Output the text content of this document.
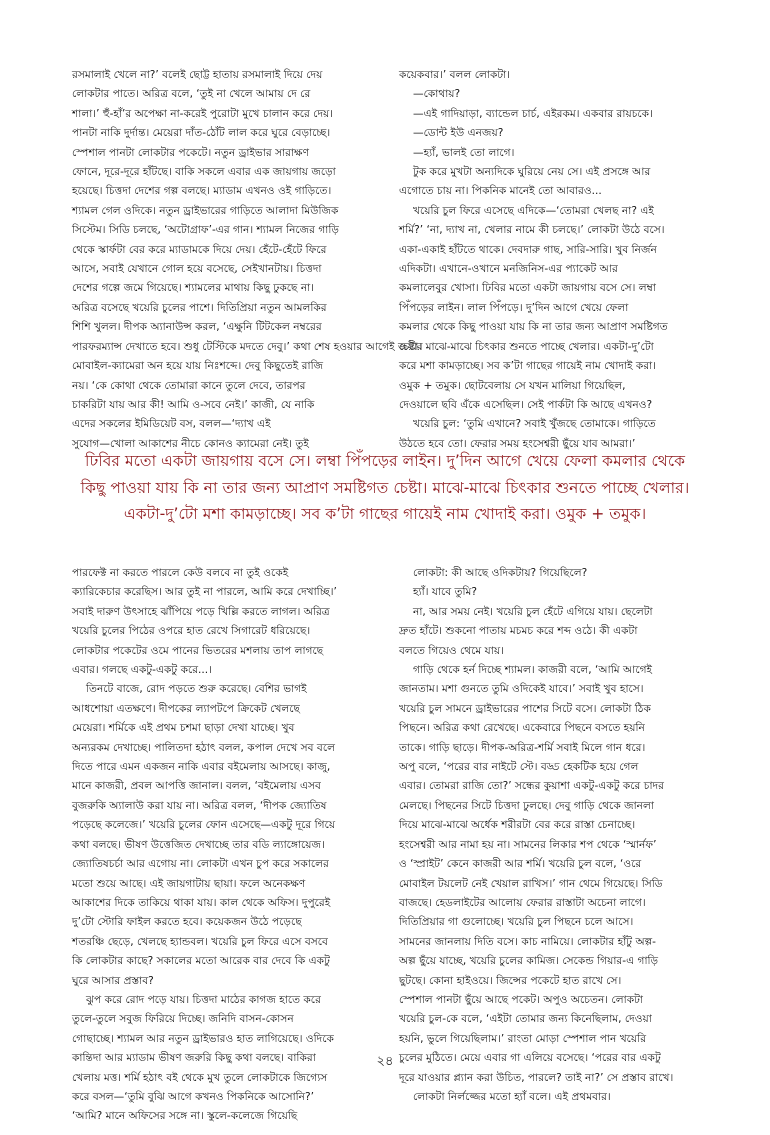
রসমালাই খেলে না?’ বলেই ছোট্ট হাতায় রসমালাই দিয়ে দেয়

লোকটার পাতে। অরিত্র বলে, ‘তুই না খেলে আমায় দে রে

শালা।’ হুঁ-হাঁ’র অপেক্ষা না-করেই পুরোটা মুখে চালান করে দেয়।

পানটা নাকি দুর্দান্ত। মেয়েরা দাঁত-ঠোঁট লাল করে ঘুরে বেড়াচ্ছে।

স্পেশাল পানটা লোকটার পকেটে। নতুন ড্রাইভার সারাক্ষণ

ফোনে, দূরে-দূরে হাঁটছে। বাকি সকলে এবার এক জায়গায় জড়ো

হয়েছে। চিত্তদা দেশের গল্প বলছে। ম্যাডাম এখনও ওই গাড়িতে।

শ্যামল গেল ওদিকে। নতুন ড্রাইভারের গাড়িতে আলাদা মিউজিক

সিস্টেম। সিডি চলছে, ‘অটোগ্রাফ’-এর গান। শ্যামল নিজের গাড়ি

থেকে স্কার্ফটা বের করে ম্যাডামকে দিয়ে দেয়। হেঁটে-হেঁটে ফিরে

আসে, সবাই যেখানে গোল হয়ে বসেছে, সেইখানটায়। চিত্তদা

দেশের গল্পে জমে গিয়েছে। শ্যামলের মাথায় কিছু ঢুকছে না।

অরিত্র বসেছে খয়েরি চুলের পাশে। দিতিপ্রিয়া নতুন আমলকির

শিশি খুলল। দীপক অ্যানাউন্স করল, ‘এক্ষুনি টিটকেল নম্বরের

পারফরম্যান্স দেখাতে হবে। শুধু টেস্টিকে মদতে দেবু।’ কথা শেষ হওয়ার আগেই জয়ীর

মোবাইল-ক্যামেরা অন হয়ে যায় নিঃশব্দে। দেবু কিছুতেই রাজি

নয়। ‘কে কোথা থেকে তোমারা কানে তুলে দেবে, তারপর

চাকরিটা যায় আর কী! আমি ও-সবে নেই।’ কাজী, যে নাকি

এদের সকলের ইমিডিয়েট বস, বলল—‘দ্যাখ এই

সুযোগ—খোলা আকাশের নীচে কোনও ক্যামেরা নেই। তুই

কয়েকবার।’ বলল লোকটা।

—কোথায়?

—এই গাদিয়াড়া, ব্যান্ডেল চার্চ, এইরকম। একবার রায়চকে।

—ডোন্ট ইউ এনজয়?

—হ্যাঁ, ভালই তো লাগে।

টুক করে মুখটা অন্যদিকে ঘুরিয়ে নেয় সে। এই প্রসঙ্গে আর

এগোতে চায় না। পিকনিক মানেই তো আবারও...

খয়েরি চুল ফিরে এসেছে এদিকে—‘তোমরা খেলছ না? এই

শর্মি?’ ‘না, দ্যাখ না, খেলার নামে কী চলছে।’ লোকটা উঠে বসে।

একা-একাই হাঁটতে থাকে। দেবদারু গাছ, সারি-সারি। খুব নির্জন

এদিকটা। এখানে-ওখানে মনজিনিস-এর প্যাকেট আর

কমলালেবুর খোসা। ঢিবির মতো একটা জায়গায় বসে সে। লম্বা

পিঁপড়ের লাইন। লাল পিঁপড়ে। দু’দিন আগে খেয়ে ফেলা

কমলার থেকে কিছু পাওয়া যায় কি না তার জন্য আপ্রাণ সমষ্টিগত

চেষ্টা। মাঝে-মাঝে চিৎকার শুনতে পাচ্ছে খেলার। একটা-দু’টো

করে মশা কামড়াচ্ছে। সব ক’টা গাছের গায়েই নাম খোদাই করা।

ওমুক + তমুক। ছোটবেলায় সে যখন মালিয়া গিয়েছিল,

দেওয়ালে ছবি এঁকে এসেছিল। সেই পার্কটা কি আছে এখনও?

খয়েরি চুল: ‘তুমি এখানে? সবাই খুঁজছে তোমাকে। গাড়িতে

উঠতে হবে তো। ফেরার সময় হংসেশ্বরী ছুঁয়ে যাব আমরা।’

ঢিবির মতো একটা জায়গায় বসে সে। লম্বা পিঁপড়ের লাইন। দু’দিন আগে খেয়ে ফেলা কমলার থেকে

কিছু পাওয়া যায় কি না তার জন্য আপ্রাণ সমষ্টিগত চেষ্টা। মাঝে-মাঝে চিৎকার শুনতে পাচ্ছে খেলার।

একটা-দু’টো মশা কামড়াচ্ছে। সব ক’টা গাছের গায়েই নাম খোদাই করা। ওমুক + তমুক।

পারফেক্ট না করতে পারলে কেউ বলবে না তুই ওকেই

ক্যারিকেচার করেছিস। আর তুই না পারলে, আমি করে দেখাচ্ছি।’

সবাই দারুণ উৎসাহে ঝাঁপিয়ে পড়ে খিল্লি করতে লাগল। অরিত্র

খয়েরি চুলের পিঠের ওপরে হাত রেখে সিগারেট ধরিয়েছে।

লোকটার পকেটের ওমে পানের ভিতরের মশলায় তাপ লাগছে

এবার। গলছে একটু-একটু করে...।

তিনটে বাজে, রোদ পড়তে শুরু করেছে। বেশির ভাগই

আধশোয়া এতক্ষণে। দীপকের ল্যাপটপে ক্রিকেট খেলছে

মেয়েরা। শর্মিকে এই প্রথম চশমা ছাড়া দেখা যাচ্ছে। খুব

অন্যরকম দেখাচ্ছে। পালিতদা হঠাৎ বলল, কপাল দেখে সব বলে

দিতে পারে এমন একজন নাকি এবার বইমেলায় আসছে। কাজু,

মানে কাজরী, প্রবল আপত্তি জানাল। বলল, ‘বইমেলায় এসব

বুজরুকি অ্যালাউ করা যায় না। অরিত্র বলল, ‘দীপক জ্যোতিষ

পড়েছে কলেজে।’ খয়েরি চুলের ফোন এসেছে—একটু দূরে গিয়ে

কথা বলছে। ভীষণ উত্তেজিত দেখাচ্ছে তার বডি ল্যাঙ্গোয়েজ।

জ্যোতিষচর্চা আর এগোয় না। লোকটা এখন চুপ করে সকালের

মতো শুয়ে আছে। এই জায়গাটায় ছায়া। ফলে অনেকক্ষণ

আকাশের দিকে তাকিয়ে থাকা যায়। কাল থেকে অফিস। দুপুরেই

দু’টো স্টোরি ফাইল করতে হবে। কয়েকজন উঠে পড়েছে

শতরঞ্চি ছেড়ে, খেলছে হ্যান্ডবল। খয়েরি চুল ফিরে এসে বসবে

কি লোকটার কাছে? সকালের মতো আরেক বার দেবে কি একটু

ঘুরে আসার প্রস্তাব?

ঝুপ করে রোদ পড়ে যায়। চিত্তদা মাঠের কাগজ হাতে করে

তুলে-তুলে সবুজ ফিরিয়ে দিচ্ছে। জনিদি বাসন-কোসন

গোছাচ্ছে। শ্যামল আর নতুন ড্রাইভারও হাত লাগিয়েছে। ওদিকে

কান্তিদা আর ম্যাডাম ভীষণ জরুরি কিছু কথা বলছে। বাকিরা

খেলায় মত্ত। শর্মি হঠাৎ বই থেকে মুখ তুলে লোকটাকে জিগ্যেস

করে বসল—‘তুমি বুঝি আগে কখনও পিকনিকে আসোনি?’

‘আমি? মানে অফিসের সঙ্গে না। স্কুলে-কলেজে গিয়েছি

লোকটা: কী আছে ওদিকটায়? গিয়েছিলে?

হ্যাঁ। যাবে তুমি?

না, আর সময় নেই। খয়েরি চুল হেঁটে এগিয়ে যায়। ছেলেটা

দ্রুত হাঁটে। শুকনো পাতায় মচমচ করে শব্দ ওঠে। কী একটা

বলতে গিয়েও থেমে যায়।

গাড়ি থেকে হর্ন দিচ্ছে শ্যামল। কাজরী বলে, ‘আমি আগেই

জানতাম। মশা গুনতে তুমি ওদিকেই যাবে।’ সবাই খুব হাসে।

খয়েরি চুল সামনে ড্রাইভারের পাশের সিটে বসে। লোকটা ঠিক

পিছনে। অরিত্র কথা রেখেছে। একেবারে পিছনে বসতে হয়নি

তাকে। গাড়ি ছাড়ে। দীপক-অরিত্র-শর্মি সবাই মিলে গান ধরে।

অপু বলে, ‘পরের বার নাইটে স্টে। বড্ড হেকটিক হয়ে গেল

এবার। তোমরা রাজি তো?’ সন্ধের কুয়াশা একটু-একটু করে চাদর

মেলছে। পিছনের সিটে চিত্তদা ঢুলছে। দেবু গাড়ি থেকে জানলা

দিয়ে মাঝে-মাঝে অর্ধেক শরীরটা বের করে রাস্তা চেনাচ্ছে।

হংসেশ্বরী আর নামা হয় না। সামনের লিকার শপ থেকে ‘স্মার্নফ’

ও ‘স্প্রাইট’ কেনে কাজরী আর শর্মি। খয়েরি চুল বলে, ‘ওরে

মোবাইল টয়লেট নেই খেয়াল রাখিস।’ গান থেমে গিয়েছে। সিডি

বাজছে। হেডলাইটের আলোয় ফেরার রাস্তাটা অচেনা লাগে।

দিতিপ্রিয়ার গা গুলোচ্ছে। খয়েরি চুল পিছনে চলে আসে।

সামনের জানলায় দিতি বসে। কাচ নামিয়ে। লোকটার হাঁটু অল্প-

অল্প ছুঁয়ে যাচ্ছে, খয়েরি চুলের কামিজ। সেকেন্ড গিয়ার-এ গাড়ি

ছুটছে। কোনা হাইওয়ে। জিন্সের পকেটে হাত রাখে সে।

স্পেশাল পানটা ছুঁয়ে আছে পকেট। অপুও অচেতন। লোকটা

খয়েরি চুল-কে বলে, ‘এইটা তোমার জন্য কিনেছিলাম, দেওয়া

হয়নি, ভুলে গিয়েছিলাম।’ রাংতা মোড়া স্পেশাল পান খয়েরি

চুলের মুঠিতে। মেয়ে এবার গা এলিয়ে বসেছে। ‘পরের বার একটু

দূরে যাওয়ার প্ল্যান করা উচিত, পারলে? তাই না?’ সে প্রস্তাব রাখে।

লোকটা নির্লজ্জের মতো হ্যাঁ বলে। এই প্রথমবার।

২৪
